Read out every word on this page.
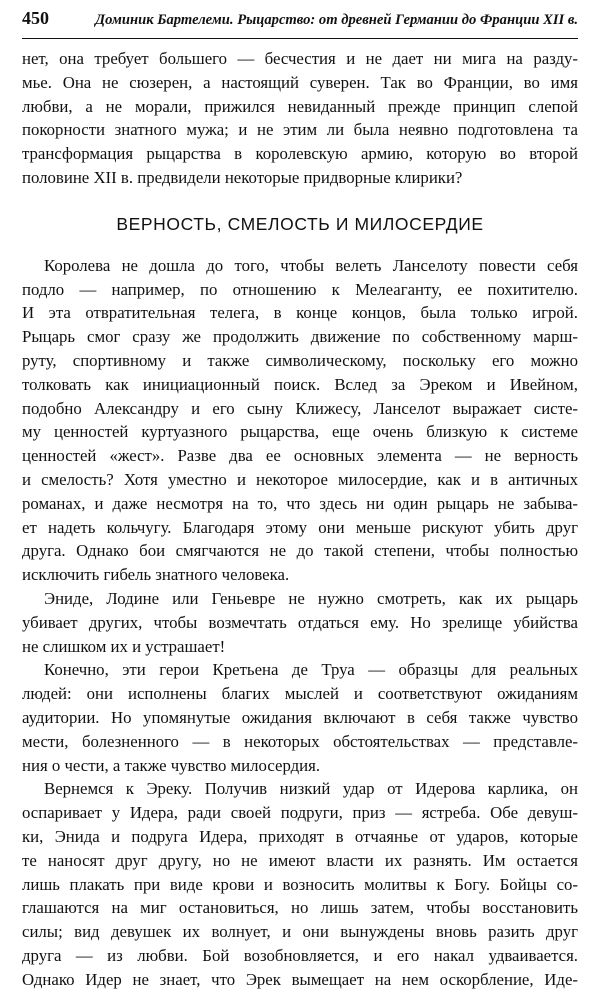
450	Доминик Бартелеми. Рыцарство: от древней Германии до Франции XII в.
нет, она требует большего — бесчестия и не дает ни мига на разду-
мье. Она не сюзерен, а настоящий суверен. Так во Франции, во имя
любви, а не морали, прижился невиданный прежде принцип слепой
покорности знатного мужа; и не этим ли была неявно подготовлена та
трансформация рыцарства в королевскую армию, которую во второй
половине XII в. предвидели некоторые придворные клирики?
ВЕРНОСТЬ, СМЕЛОСТЬ И МИЛОСЕРДИЕ
Королева не дошла до того, чтобы велеть Ланселоту повести себя
подло — например, по отношению к Мелеаганту, ее похитителю.
И эта отвратительная телега, в конце концов, была только игрой.
Рыцарь смог сразу же продолжить движение по собственному марш-
руту, спортивному и также символическому, поскольку его можно
толковать как инициационный поиск. Вслед за Эреком и Ивейном,
подобно Александру и его сыну Клижесу, Ланселот выражает систе-
му ценностей куртуазного рыцарства, еще очень близкую к системе
ценностей «жест». Разве два ее основных элемента — не верность
и смелость? Хотя уместно и некоторое милосердие, как и в античных
романах, и даже несмотря на то, что здесь ни один рыцарь не забыва-
ет надеть кольчугу. Благодаря этому они меньше рискуют убить друг
друга. Однако бои смягчаются не до такой степени, чтобы полностью
исключить гибель знатного человека.
Эниде, Лодине или Геньевре не нужно смотреть, как их рыцарь
убивает других, чтобы возмечтать отдаться ему. Но зрелище убийства
не слишком их и устрашает!
Конечно, эти герои Кретьена де Труа — образцы для реальных
людей: они исполнены благих мыслей и соответствуют ожиданиям
аудитории. Но упомянутые ожидания включают в себя также чувство
мести, болезненного — в некоторых обстоятельствах — представле-
ния о чести, а также чувство милосердия.
Вернемся к Эреку. Получив низкий удар от Идерова карлика, он
оспаривает у Идера, ради своей подруги, приз — ястреба. Обе девуш-
ки, Энида и подруга Идера, приходят в отчаянье от ударов, которые
те наносят друг другу, но не имеют власти их разнять. Им остается
лишь плакать при виде крови и возносить молитвы к Богу. Бойцы со-
глашаются на миг остановиться, но лишь затем, чтобы восстановить
силы; вид девушек их волнует, и они вынуждены вновь разить друг
друга — из любви. Бой возобновляется, и его накал удваивается.
Однако Идер не знает, что Эрек вымещает на нем оскорбление, Иде-
